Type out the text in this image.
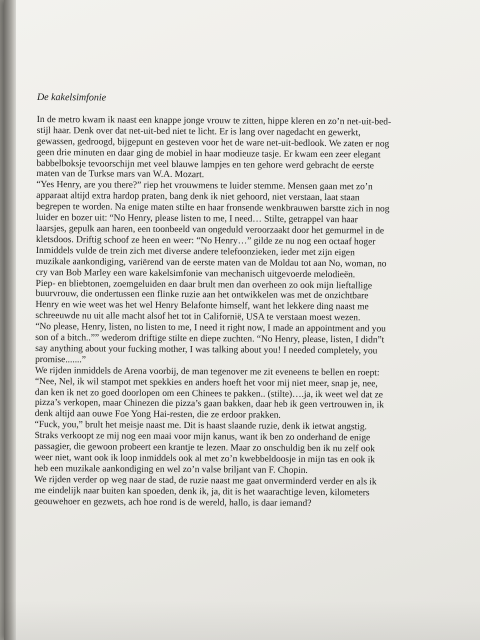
De kakelsimfonie

In de metro kwam ik naast een knappe jonge vrouw te zitten, hippe kleren en zo’n net-uit-bed-
stijl haar. Denk over dat net-uit-bed niet te licht. Er is lang over nagedacht en gewerkt,
gewassen, gedroogd, bijgepunt en gesteven voor het de ware net-uit-bedlook. We zaten er nog
geen drie minuten en daar ging de mobiel in haar modieuze tasje. Er kwam een zeer elegant
babbelboksje tevoorschijn met veel blauwe lampjes en ten gehore werd gebracht de eerste
maten van de Turkse mars van W.A. Mozart.

“Yes Henry, are you there?” riep het vrouwmens te luider stemme. Mensen gaan met zo’n
apparaat altijd extra hardop praten, bang denk ik niet gehoord, niet verstaan, laat staan
begrepen te worden. Na enige maten stilte en haar fronsende wenkbrauwen barstte zich in nog
luider en bozer uit: “No Henry, please listen to me, I need… Stilte, getrappel van haar
laarsjes, gepulk aan haren, een toonbeeld van ongeduld veroorzaakt door het gemurmel in de
kletsdoos. Driftig schoof ze heen en weer: “No Henry…” gilde ze nu nog een octaaf hoger
Inmiddels vulde de trein zich met diverse andere telefoonzieken, ieder met zijn eigen
muzikale aankondiging, variërend van de eerste maten van de Moldau tot aan No, woman, no
cry van Bob Marley een ware kakelsimfonie van mechanisch uitgevoerde melodieën.

Piep- en bliebtonen, zoemgeluiden en daar brult men dan overheen zo ook mijn lieftallige
buurvrouw, die ondertussen een flinke ruzie aan het ontwikkelen was met de onzichtbare
Henry en wie weet was het wel Henry Belafonte himself, want het lekkere ding naast me
schreeuwde nu uit alle macht alsof het tot in Californië, USA te verstaan moest wezen.

“No please, Henry, listen, no listen to me, I need it right now, I made an appointment and you
son of a bitch..”” wederom driftige stilte en diepe zuchten. “No Henry, please, listen, I didn”t
say anything about your fucking mother, I was talking about you! I needed completely, you
promise.......”

We rijden inmiddels de Arena voorbij, de man tegenover me zit eveneens te bellen en roept:
“Nee, Nel, ik wil stampot met spekkies en anders hoeft het voor mij niet meer, snap je, nee,
dan ken ik net zo goed doorlopen om een Chinees te pakken.. (stilte)….ja, ik weet wel dat ze
pizza’s verkopen, maar Chinezen die pizza’s gaan bakken, daar heb ik geen vertrouwen in, ik
denk altijd aan ouwe Foe Yong Hai-resten, die ze erdoor prakken.

“Fuck, you,” brult het meisje naast me. Dit is haast slaande ruzie, denk ik ietwat angstig.
Straks verkoopt ze mij nog een maai voor mijn kanus, want ik ben zo onderhand de enige
passagier, die gewoon probeert een krantje te lezen. Maar zo onschuldig ben ik nu zelf ook
weer niet, want ook ik loop inmiddels ook al met zo’n kwebbeldoosje in mijn tas en ook ik
heb een muzikale aankondiging en wel zo’n valse briljant van F. Chopin.

We rijden verder op weg naar de stad, de ruzie naast me gaat onverminderd verder en als ik
me eindelijk naar buiten kan spoeden, denk ik, ja, dit is het waarachtige leven, kilometers
geouwehoer en gezwets, ach hoe rond is de wereld, hallo, is daar iemand?
